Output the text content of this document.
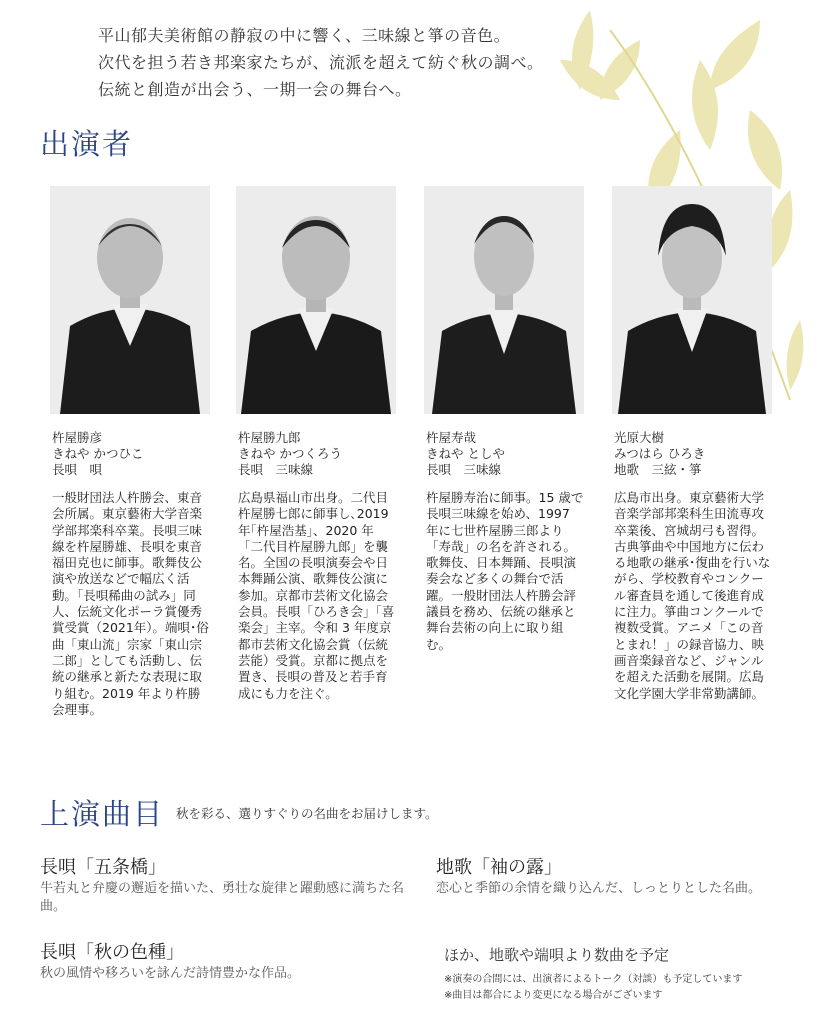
平山郁夫美術館の静寂の中に響く、三味線と箏の音色。
次代を担う若き邦楽家たちが、流派を超えて紡ぐ秋の調べ。
伝統と創造が出会う、一期一会の舞台へ。
出演者
杵屋勝彦
きねや かつひこ
長唄　唄
一般財団法人杵勝会、東音会所属。東京藝術大学音楽学部邦楽科卒業。長唄三味線を杵屋勝雄、長唄を東音福田克也に師事。歌舞伎公演や放送などで幅広く活動。「長唄稀曲の試み」同人、伝統文化ポーラ賞優秀賞受賞（2021年）。端唄･俗曲「東山流」宗家「東山宗二郎」としても活動し、伝統の継承と新たな表現に取り組む。2019 年より杵勝会理事。
杵屋勝九郎
きねや かつくろう
長唄　三味線
広島県福山市出身。二代目杵屋勝七郎に師事し､2019年｢杵屋浩基｣、2020 年「二代目杵屋勝九郎」を襲名。全国の長唄演奏会や日本舞踊公演、歌舞伎公演に参加。京都市芸術文化協会会員。長唄「ひろき会」「喜楽会」主宰。令和 3 年度京都市芸術文化協会賞（伝統芸能）受賞。京都に拠点を置き、長唄の普及と若手育成にも力を注ぐ。
杵屋寿哉
きねや としや
長唄　三味線
杵屋勝寿治に師事。15 歳で長唄三味線を始め、1997 年に七世杵屋勝三郎より「寿哉」の名を許される。歌舞伎、日本舞踊、長唄演奏会など多くの舞台で活躍。一般財団法人杵勝会評議員を務め、伝統の継承と舞台芸術の向上に取り組む。
光原大樹
みつはら ひろき
地歌　三絃・箏
広島市出身。東京藝術大学音楽学部邦楽科生田流専攻卒業後、宮城胡弓も習得。古典箏曲や中国地方に伝わる地歌の継承･復曲を行いながら、学校教育やコンクール審査員を通して後進育成に注力。箏曲コンクールで複数受賞。アニメ「この音とまれ！」の録音協力、映画音楽録音など、ジャンルを超えた活動を展開。広島文化学園大学非常勤講師。
上演曲目 秋を彩る、選りすぐりの名曲をお届けします。
長唄「五条橋」
牛若丸と弁慶の邂逅を描いた、勇壮な旋律と躍動感に満ちた名曲。
地歌「袖の露」
恋心と季節の余情を織り込んだ、しっとりとした名曲。
長唄「秋の色種」
秋の風情や移ろいを詠んだ詩情豊かな作品。
ほか、地歌や端唄より数曲を予定
※演奏の合間には、出演者によるトーク（対談）も予定しています
※曲目は都合により変更になる場合がございます
